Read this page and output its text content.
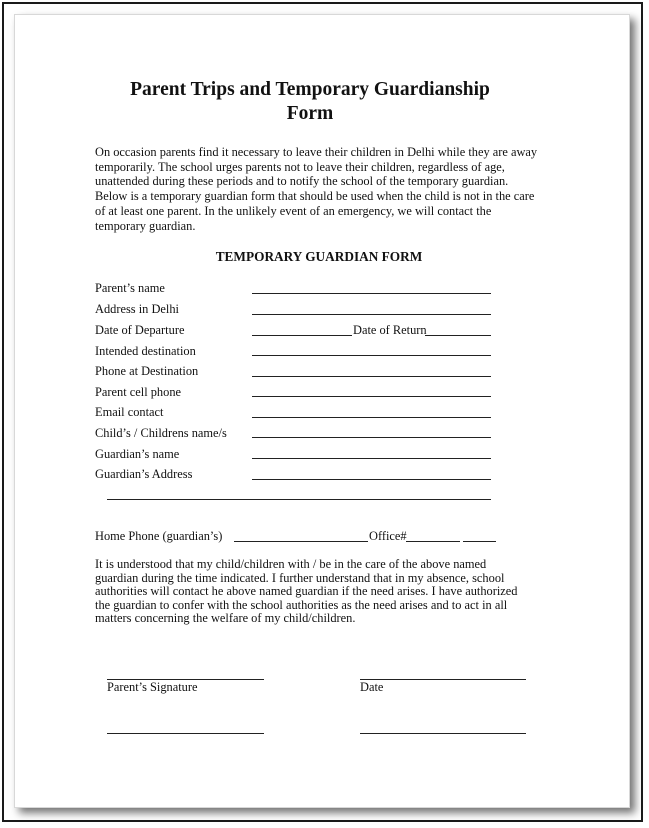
Parent Trips and Temporary Guardianship
Form

On occasion parents find it necessary to leave their children in Delhi while they are away temporarily. The school urges parents not to leave their children, regardless of age, unattended during these periods and to notify the school of the temporary guardian. Below is a temporary guardian form that should be used when the child is not in the care of at least one parent. In the unlikely event of an emergency, we will contact the temporary guardian.

TEMPORARY GUARDIAN FORM
Parent’s name
Address in Delhi
Date of Departure	Date of Return
Intended destination
Phone at Destination
Parent cell phone
Email contact
Child’s / Childrens name/s
Guardian’s name
Guardian’s Address
Home Phone (guardian’s)	Office#

It is understood that my child/children with / be in the care of the above named guardian during the time indicated. I further understand that in my absence, school authorities will contact he above named guardian if the need arises. I have authorized the guardian to confer with the school authorities as the need arises and to act in all matters concerning the welfare of my child/children.

Parent’s Signature	Date
